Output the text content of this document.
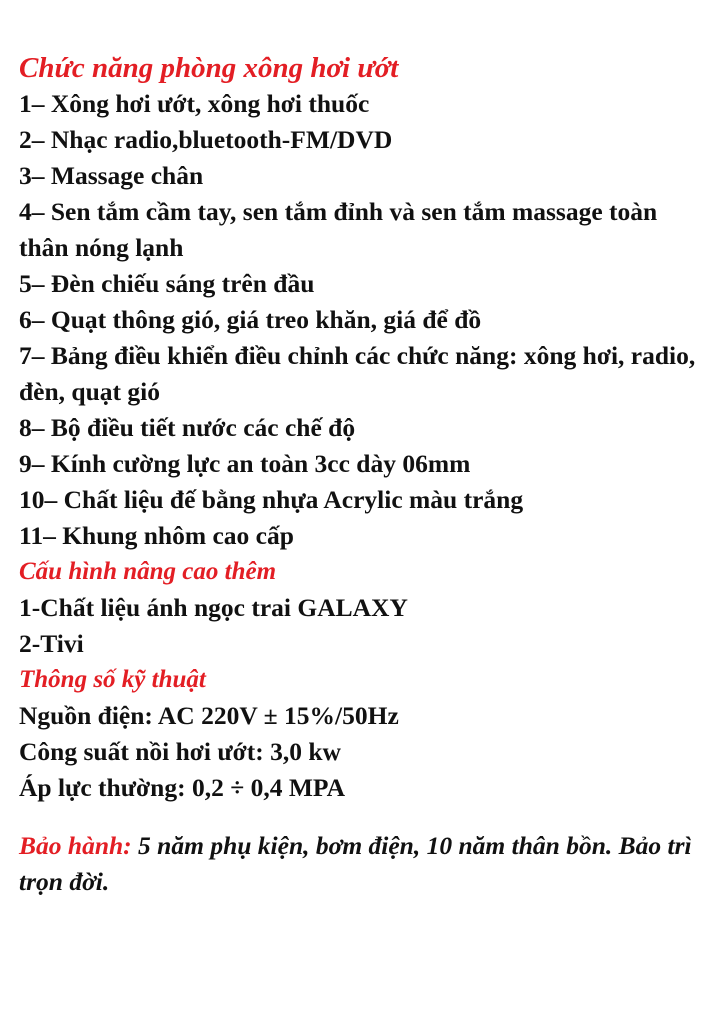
Chức năng phòng xông hơi ướt
1– Xông hơi ướt, xông hơi thuốc
2– Nhạc radio,bluetooth-FM/DVD
3– Massage chân
4– Sen tắm cầm tay, sen tắm đỉnh và sen tắm massage toàn thân nóng lạnh
5– Đèn chiếu sáng trên đầu
6– Quạt thông gió, giá treo khăn, giá để đồ
7– Bảng điều khiển điều chỉnh các chức năng: xông hơi, radio, đèn, quạt gió
8– Bộ điều tiết nước các chế độ
9– Kính cường lực an toàn 3cc dày 06mm
10– Chất liệu đế bằng nhựa Acrylic màu trắng
11– Khung nhôm cao cấp
Cấu hình nâng cao thêm
1-Chất liệu ánh ngọc trai GALAXY
2-Tivi
Thông số kỹ thuật

Nguồn điện: AC 220V ± 15%/50Hz

Công suất nồi hơi ướt: 3,0 kw

Áp lực thường: 0,2 ÷ 0,4 MPA

Bảo hành: 5 năm phụ kiện, bơm điện, 10 năm thân bồn. Bảo trì trọn đời.
